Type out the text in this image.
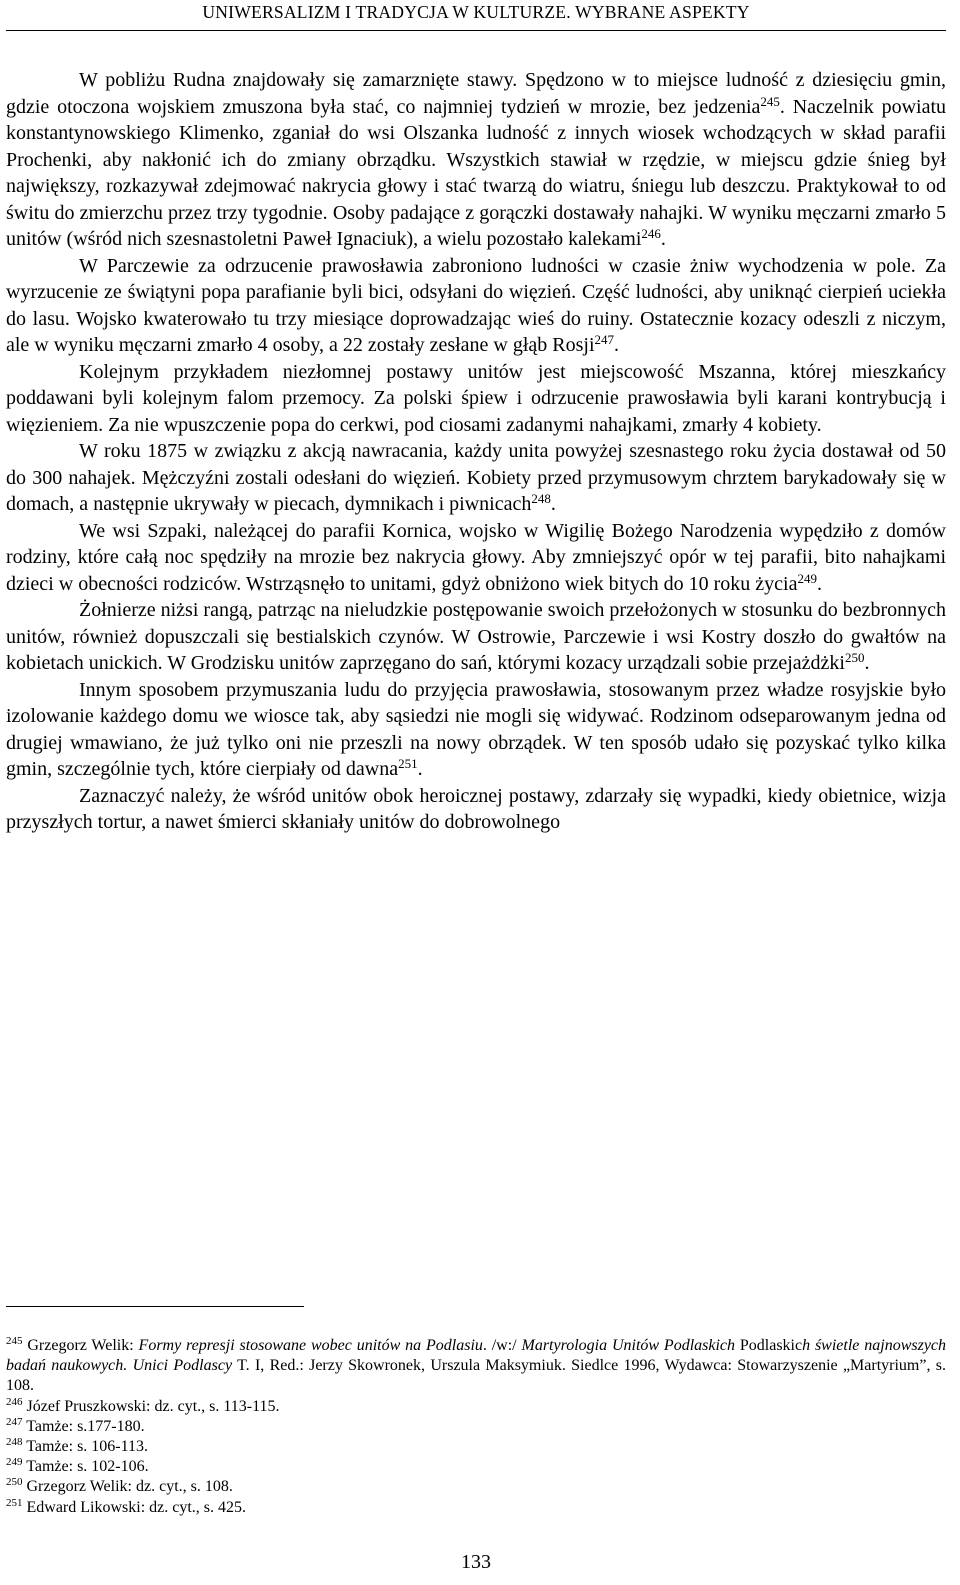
UNIWERSALIZM I TRADYCJA W KULTURZE. WYBRANE ASPEKTY

W pobliżu Rudna znajdowały się zamarznięte stawy. Spędzono w to miejsce ludność z dziesięciu gmin, gdzie otoczona wojskiem zmuszona była stać, co najmniej tydzień w mrozie, bez jedzenia$^{245}$. Naczelnik powiatu konstantynowskiego Klimenko, zganiał do wsi Olszanka ludność z innych wiosek wchodzących w skład parafii Prochenki, aby nakłonić ich do zmiany obrządku. Wszystkich stawiał w rzędzie, w miejscu gdzie śnieg był największy, rozkazywał zdejmować nakrycia głowy i stać twarzą do wiatru, śniegu lub deszczu. Praktykował to od świtu do zmierzchu przez trzy tygodnie. Osoby padające z gorączki dostawały nahajki. W wyniku męczarni zmarło 5 unitów (wśród nich szesnastoletni Paweł Ignaciuk), a wielu pozostało kalekami$^{246}$.

W Parczewie za odrzucenie prawosławia zabroniono ludności w czasie żniw wychodzenia w pole. Za wyrzucenie ze świątyni popa parafianie byli bici, odsyłani do więzień. Część ludności, aby uniknąć cierpień uciekła do lasu. Wojsko kwaterowało tu trzy miesiące doprowadzając wieś do ruiny. Ostatecznie kozacy odeszli z niczym, ale w wyniku męczarni zmarło 4 osoby, a 22 zostały zesłane w głąb Rosji$^{247}$.

Kolejnym przykładem niezłomnej postawy unitów jest miejscowość Mszanna, której mieszkańcy poddawani byli kolejnym falom przemocy. Za polski śpiew i odrzucenie prawosławia byli karani kontrybucją i więzieniem. Za nie wpuszczenie popa do cerkwi, pod ciosami zadanymi nahajkami, zmarły 4 kobiety.

W roku 1875 w związku z akcją nawracania, każdy unita powyżej szesnastego roku życia dostawał od 50 do 300 nahajek. Mężczyźni zostali odesłani do więzień. Kobiety przed przymusowym chrztem barykadowały się w domach, a następnie ukrywały w piecach, dymnikach i piwnicach$^{248}$.

We wsi Szpaki, należącej do parafii Kornica, wojsko w Wigilię Bożego Narodzenia wypędziło z domów rodziny, które całą noc spędziły na mrozie bez nakrycia głowy. Aby zmniejszyć opór w tej parafii, bito nahajkami dzieci w obecności rodziców. Wstrząsnęło to unitami, gdyż obniżono wiek bitych do 10 roku życia$^{249}$.

Żołnierze niżsi rangą, patrząc na nieludzkie postępowanie swoich przełożonych w stosunku do bezbronnych unitów, również dopuszczali się bestialskich czynów. W Ostrowie, Parczewie i wsi Kostry doszło do gwałtów na kobietach unickich. W Grodzisku unitów zaprzęgano do sań, którymi kozacy urządzali sobie przejażdżki$^{250}$.

Innym sposobem przymuszania ludu do przyjęcia prawosławia, stosowanym przez władze rosyjskie było izolowanie każdego domu we wiosce tak, aby sąsiedzi nie mogli się widywać. Rodzinom odseparowanym jedna od drugiej wmawiano, że już tylko oni nie przeszli na nowy obrządek. W ten sposób udało się pozyskać tylko kilka gmin, szczególnie tych, które cierpiały od dawna$^{251}$.

Zaznaczyć należy, że wśród unitów obok heroicznej postawy, zdarzały się wypadki, kiedy obietnice, wizja przyszłych tortur, a nawet śmierci skłaniały unitów do dobrowolnego

$^{245}$ Grzegorz Welik: Formy represji stosowane wobec unitów na Podlasiu. /w:/ Martyrologia Unitów Podlaskich Podlaskich świetle najnowszych badań naukowych. Unici Podlascy T. I, Red.: Jerzy Skowronek, Urszula Maksymiuk. Siedlce 1996, Wydawca: Stowarzyszenie „Martyrium”, s. 108.

$^{246}$ Józef Pruszkowski: dz. cyt., s. 113-115.

$^{247}$ Tamże: s.177-180.

$^{248}$ Tamże: s. 106-113.

$^{249}$ Tamże: s. 102-106.

$^{250}$ Grzegorz Welik: dz. cyt., s. 108.

$^{251}$ Edward Likowski: dz. cyt., s. 425.

133
